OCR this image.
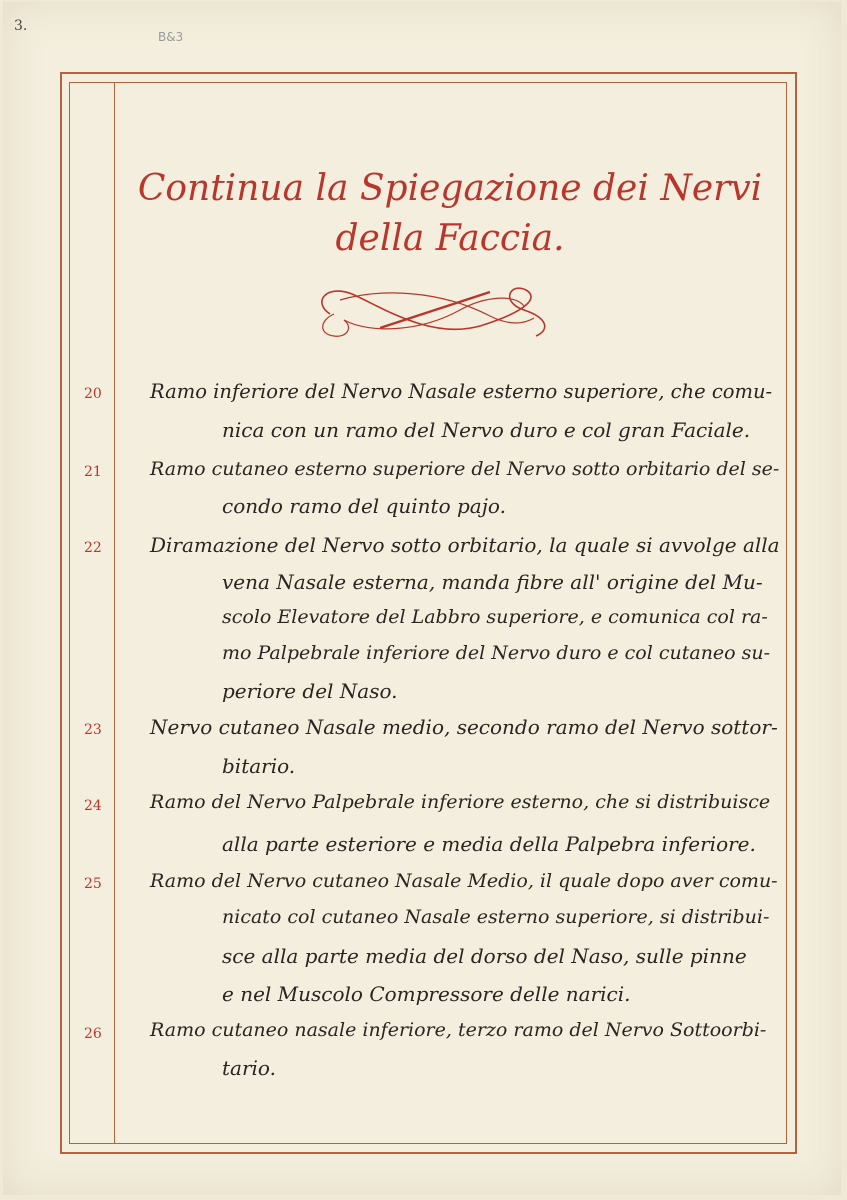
3.
B&3
Continua la Spiegazione dei Nervi
della Faccia.
20	Ramo inferiore del Nervo Nasale esterno superiore, che comu-
nica con un ramo del Nervo duro e col gran Faciale.
21	Ramo cutaneo esterno superiore del Nervo sotto orbitario del se-
condo ramo del quinto pajo.
22	Diramazione del Nervo sotto orbitario, la quale si avvolge alla
vena Nasale esterna, manda fibre all' origine del Mu-
scolo Elevatore del Labbro superiore, e comunica col ra-
mo Palpebrale inferiore del Nervo duro e col cutaneo su-
periore del Naso.
23	Nervo cutaneo Nasale medio, secondo ramo del Nervo sottor-
bitario.
24	Ramo del Nervo Palpebrale inferiore esterno, che si distribuisce
alla parte esteriore e media della Palpebra inferiore.
25	Ramo del Nervo cutaneo Nasale Medio, il quale dopo aver comu-
nicato col cutaneo Nasale esterno superiore, si distribui-
sce alla parte media del dorso del Naso, sulle pinne
e nel Muscolo Compressore delle narici.
26	Ramo cutaneo nasale inferiore, terzo ramo del Nervo Sottoorbi-
tario.
